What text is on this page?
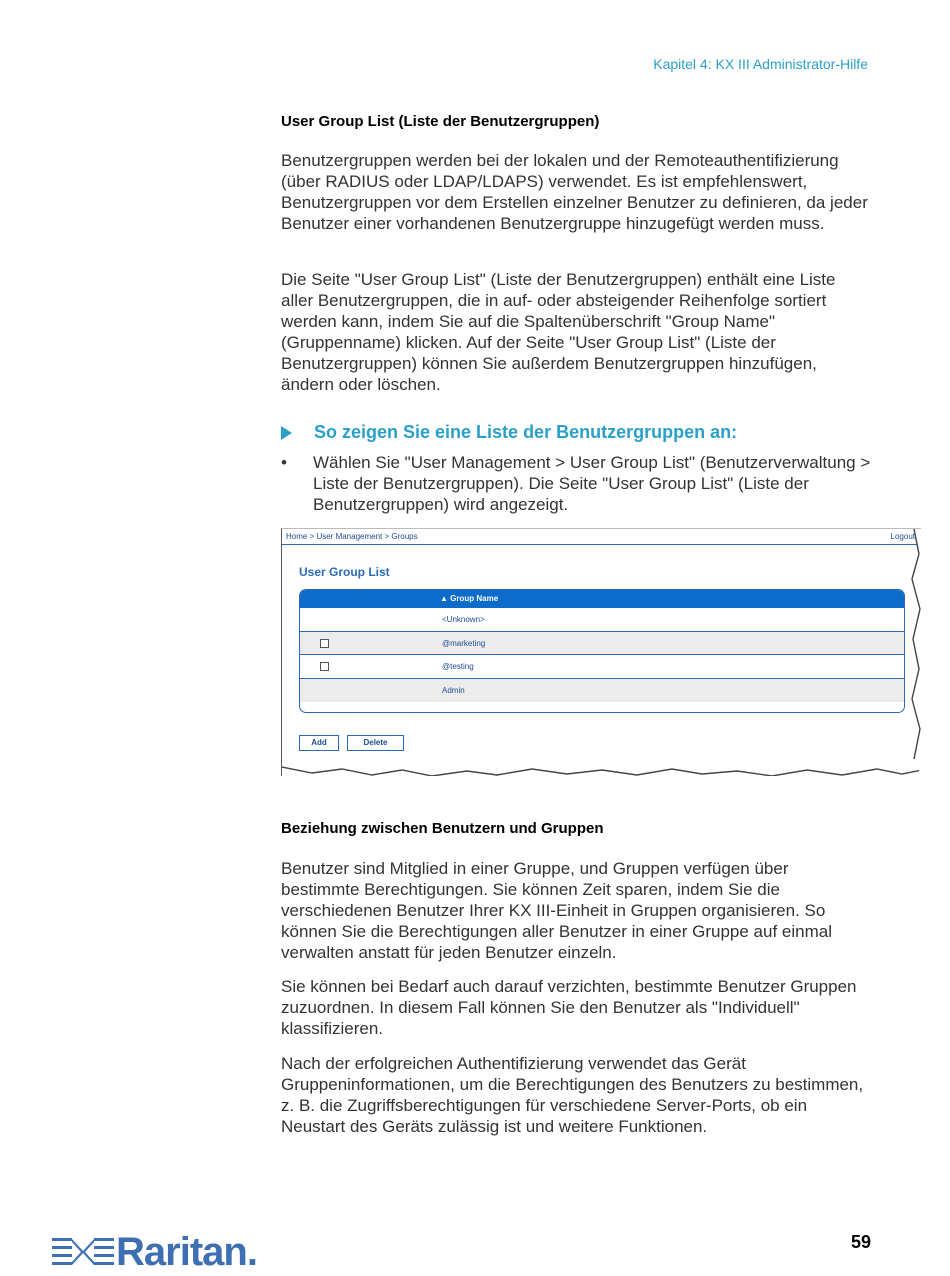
Kapitel 4: KX III Administrator-Hilfe
User Group List (Liste der Benutzergruppen)

Benutzergruppen werden bei der lokalen und der Remoteauthentifizierung (über RADIUS oder LDAP/LDAPS) verwendet. Es ist empfehlenswert, Benutzergruppen vor dem Erstellen einzelner Benutzer zu definieren, da jeder Benutzer einer vorhandenen Benutzergruppe hinzugefügt werden muss.

Die Seite "User Group List" (Liste der Benutzergruppen) enthält eine Liste aller Benutzergruppen, die in auf- oder absteigender Reihenfolge sortiert werden kann, indem Sie auf die Spaltenüberschrift "Group Name" (Gruppenname) klicken. Auf der Seite "User Group List" (Liste der Benutzergruppen) können Sie außerdem Benutzergruppen hinzufügen, ändern oder löschen.

So zeigen Sie eine Liste der Benutzergruppen an:
•	Wählen Sie "User Management > User Group List" (Benutzerverwaltung > Liste der Benutzergruppen). Die Seite "User Group List" (Liste der Benutzergruppen) wird angezeigt.
Home > User Management > Groups	Logout
User Group List
▲ Group Name
<Unknown>
@marketing
@testing
Admin
Add	Delete
Beziehung zwischen Benutzern und Gruppen

Benutzer sind Mitglied in einer Gruppe, und Gruppen verfügen über bestimmte Berechtigungen. Sie können Zeit sparen, indem Sie die verschiedenen Benutzer Ihrer KX III-Einheit in Gruppen organisieren. So können Sie die Berechtigungen aller Benutzer in einer Gruppe auf einmal verwalten anstatt für jeden Benutzer einzeln.

Sie können bei Bedarf auch darauf verzichten, bestimmte Benutzer Gruppen zuzuordnen. In diesem Fall können Sie den Benutzer als "Individuell" klassifizieren.

Nach der erfolgreichen Authentifizierung verwendet das Gerät Gruppeninformationen, um die Berechtigungen des Benutzers zu bestimmen, z. B. die Zugriffsberechtigungen für verschiedene Server-Ports, ob ein Neustart des Geräts zulässig ist und weitere Funktionen.

Raritan.	59
